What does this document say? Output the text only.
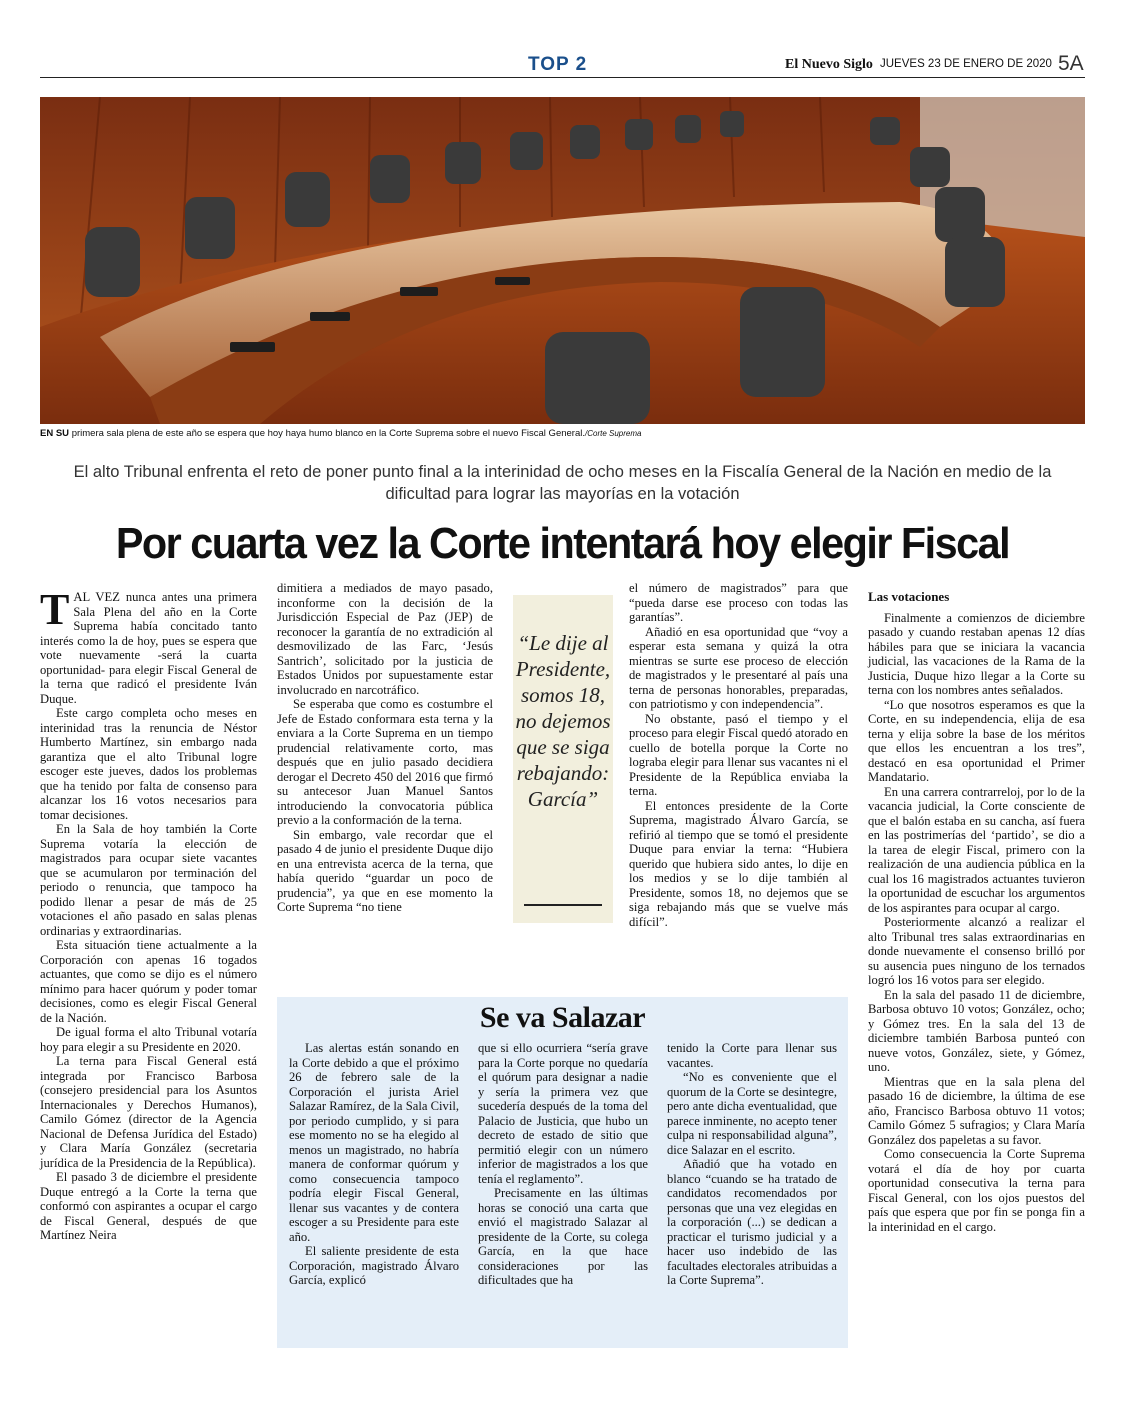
TOP 2	El Nuevo Siglo JUEVES 23 DE ENERO DE 2020 5A
EN SU primera sala plena de este año se espera que hoy haya humo blanco en la Corte Suprema sobre el nuevo Fiscal General./Corte Suprema
El alto Tribunal enfrenta el reto de poner punto final a la interinidad de ocho meses en la Fiscalía General de la Nación en medio de la dificultad para lograr las mayorías en la votación
Por cuarta vez la Corte intentará hoy elegir Fiscal

TAL VEZ nunca antes una primera Sala Plena del año en la Corte Suprema había concitado tanto interés como la de hoy, pues se espera que vote nuevamente -será la cuarta oportunidad- para elegir Fiscal General de la terna que radicó el presidente Iván Duque.

Este cargo completa ocho meses en interinidad tras la renuncia de Néstor Humberto Martínez, sin embargo nada garantiza que el alto Tribunal logre escoger este jueves, dados los problemas que ha tenido por falta de consenso para alcanzar los 16 votos necesarios para tomar decisiones.

En la Sala de hoy también la Corte Suprema votaría la elección de magistrados para ocupar siete vacantes que se acumularon por terminación del periodo o renuncia, que tampoco ha podido llenar a pesar de más de 25 votaciones el año pasado en salas plenas ordinarias y extraordinarias.

Esta situación tiene actualmente a la Corporación con apenas 16 togados actuantes, que como se dijo es el número mínimo para hacer quórum y poder tomar decisiones, como es elegir Fiscal General de la Nación.

De igual forma el alto Tribunal votaría hoy para elegir a su Presidente en 2020.

La terna para Fiscal General está integrada por Francisco Barbosa (consejero presidencial para los Asuntos Internacionales y Derechos Humanos), Camilo Gómez (director de la Agencia Nacional de Defensa Jurídica del Estado) y Clara María González (secretaria jurídica de la Presidencia de la República).

El pasado 3 de diciembre el presidente Duque entregó a la Corte la terna que conformó con aspirantes a ocupar el cargo de Fiscal General, después de que Martínez Neira

dimitiera a mediados de mayo pasado, inconforme con la decisión de la Jurisdicción Especial de Paz (JEP) de reconocer la garantía de no extradición al desmovilizado de las Farc, ‘Jesús Santrich’, solicitado por la justicia de Estados Unidos por supuestamente estar involucrado en narcotráfico.

Se esperaba que como es costumbre el Jefe de Estado conformara esta terna y la enviara a la Corte Suprema en un tiempo prudencial relativamente corto, mas después que en julio pasado decidiera derogar el Decreto 450 del 2016 que firmó su antecesor Juan Manuel Santos introduciendo la convocatoria pública previo a la conformación de la terna.

Sin embargo, vale recordar que el pasado 4 de junio el presidente Duque dijo en una entrevista acerca de la terna, que había querido “guardar un poco de prudencia”, ya que en ese momento la Corte Suprema “no tiene

“Le dije al Presidente, somos 18, no dejemos que se siga rebajando: García”

el número de magistrados” para que “pueda darse ese proceso con todas las garantías”.

Añadió en esa oportunidad que “voy a esperar esta semana y quizá la otra mientras se surte ese proceso de elección de magistrados y le presentaré al país una terna de personas honorables, preparadas, con patriotismo y con independencia”.

No obstante, pasó el tiempo y el proceso para elegir Fiscal quedó atorado en cuello de botella porque la Corte no lograba elegir para llenar sus vacantes ni el Presidente de la República enviaba la terna.

El entonces presidente de la Corte Suprema, magistrado Álvaro García, se refirió al tiempo que se tomó el presidente Duque para enviar la terna: “Hubiera querido que hubiera sido antes, lo dije en los medios y se lo dije también al Presidente, somos 18, no dejemos que se siga rebajando más que se vuelve más difícil”.

Las votaciones

Finalmente a comienzos de diciembre pasado y cuando restaban apenas 12 días hábiles para que se iniciara la vacancia judicial, las vacaciones de la Rama de la Justicia, Duque hizo llegar a la Corte su terna con los nombres antes señalados.

“Lo que nosotros esperamos es que la Corte, en su independencia, elija de esa terna y elija sobre la base de los méritos que ellos les encuentran a los tres”, destacó en esa oportunidad el Primer Mandatario.

En una carrera contrarreloj, por lo de la vacancia judicial, la Corte consciente de que el balón estaba en su cancha, así fuera en las postrimerías del ‘partido’, se dio a la tarea de elegir Fiscal, primero con la realización de una audiencia pública en la cual los 16 magistrados actuantes tuvieron la oportunidad de escuchar los argumentos de los aspirantes para ocupar al cargo.

Posteriormente alcanzó a realizar el alto Tribunal tres salas extraordinarias en donde nuevamente el consenso brilló por su ausencia pues ninguno de los ternados logró los 16 votos para ser elegido.

En la sala del pasado 11 de diciembre, Barbosa obtuvo 10 votos; González, ocho; y Gómez tres. En la sala del 13 de diciembre también Barbosa punteó con nueve votos, González, siete, y Gómez, uno.

Mientras que en la sala plena del pasado 16 de diciembre, la última de ese año, Francisco Barbosa obtuvo 11 votos; Camilo Gómez 5 sufragios; y Clara María González dos papeletas a su favor.

Como consecuencia la Corte Suprema votará el día de hoy por cuarta oportunidad consecutiva la terna para Fiscal General, con los ojos puestos del país que espera que por fin se ponga fin a la interinidad en el cargo.

Se va Salazar

Las alertas están sonando en la Corte debido a que el próximo 26 de febrero sale de la Corporación el jurista Ariel Salazar Ramírez, de la Sala Civil, por periodo cumplido, y si para ese momento no se ha elegido al menos un magistrado, no habría manera de conformar quórum y como consecuencia tampoco podría elegir Fiscal General, llenar sus vacantes y de contera escoger a su Presidente para este año.

El saliente presidente de esta Corporación, magistrado Álvaro García, explicó

que si ello ocurriera “sería grave para la Corte porque no quedaría el quórum para designar a nadie y sería la primera vez que sucedería después de la toma del Palacio de Justicia, que hubo un decreto de estado de sitio que permitió elegir con un número inferior de magistrados a los que tenía el reglamento”.

Precisamente en las últimas horas se conoció una carta que envió el magistrado Salazar al presidente de la Corte, su colega García, en la que hace consideraciones por las dificultades que ha

tenido la Corte para llenar sus vacantes.

“No es conveniente que el quorum de la Corte se desintegre, pero ante dicha eventualidad, que parece inminente, no acepto tener culpa ni responsabilidad alguna”, dice Salazar en el escrito.

Añadió que ha votado en blanco “cuando se ha tratado de candidatos recomendados por personas que una vez elegidas en la corporación (...) se dedican a practicar el turismo judicial y a hacer uso indebido de las facultades electorales atribuidas a la Corte Suprema”.
